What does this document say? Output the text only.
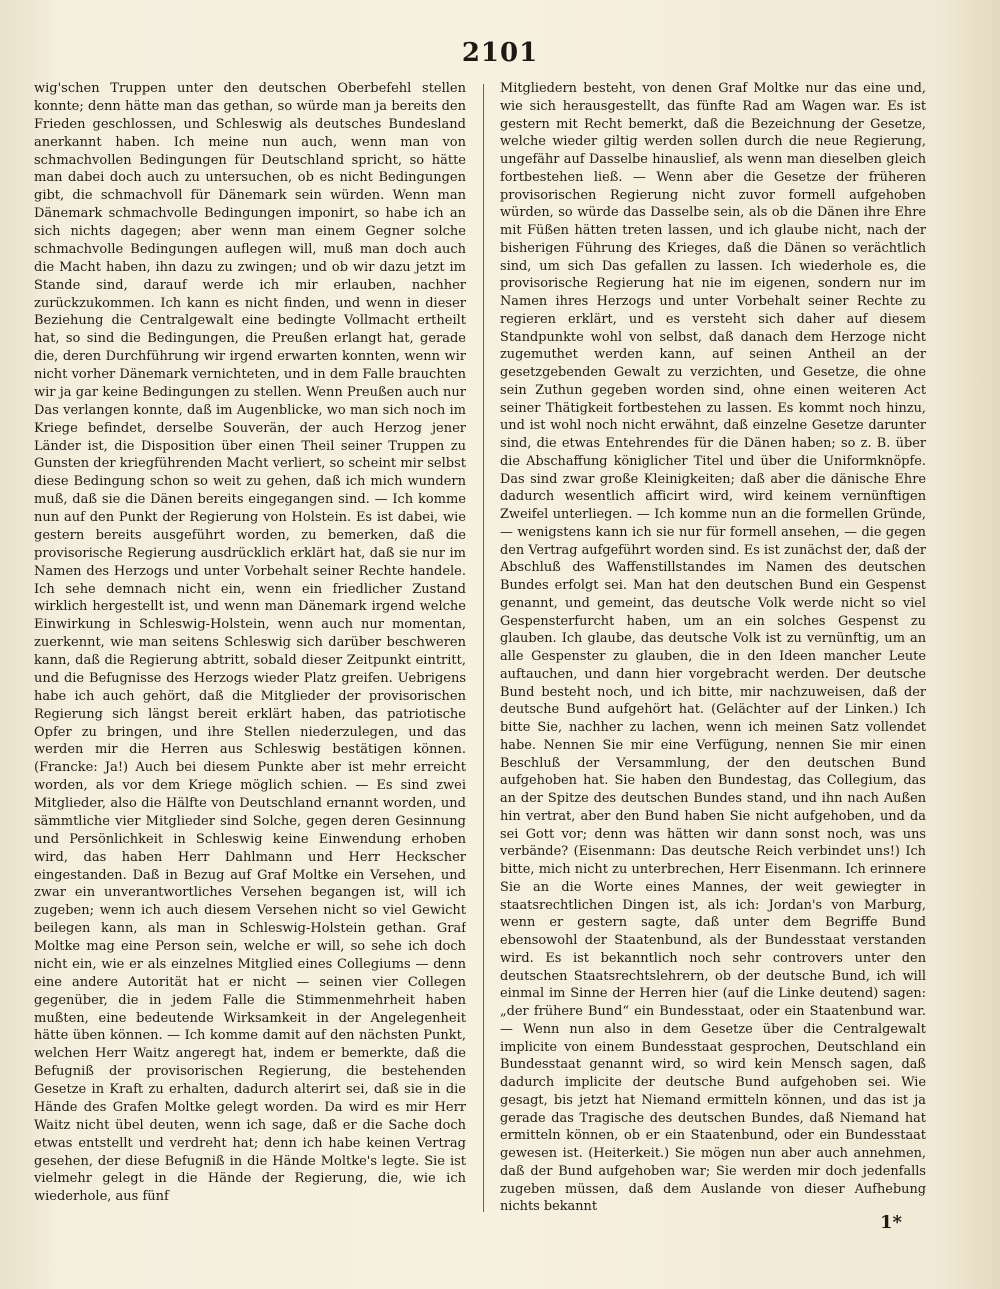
2101

wig'schen Truppen unter den deutschen Oberbefehl stellen konnte; denn hätte man das gethan, so würde man ja bereits den Frieden geschlossen, und Schleswig als deutsches Bundesland anerkannt haben. Ich meine nun auch, wenn man von schmachvollen Bedingungen für Deutschland spricht, so hätte man dabei doch auch zu untersuchen, ob es nicht Bedingungen gibt, die schmachvoll für Dänemark sein würden. Wenn man Dänemark schmachvolle Bedingungen imponirt, so habe ich an sich nichts dagegen; aber wenn man einem Gegner solche schmachvolle Bedingungen auflegen will, muß man doch auch die Macht haben, ihn dazu zu zwingen; und ob wir dazu jetzt im Stande sind, darauf werde ich mir erlauben, nachher zurückzukommen. Ich kann es nicht finden, und wenn in dieser Beziehung die Centralgewalt eine bedingte Vollmacht ertheilt hat, so sind die Bedingungen, die Preußen erlangt hat, gerade die, deren Durchführung wir irgend erwarten konnten, wenn wir nicht vorher Dänemark vernichteten, und in dem Falle brauchten wir ja gar keine Bedingungen zu stellen. Wenn Preußen auch nur Das verlangen konnte, daß im Augenblicke, wo man sich noch im Kriege befindet, derselbe Souverän, der auch Herzog jener Länder ist, die Disposition über einen Theil seiner Truppen zu Gunsten der kriegführenden Macht verliert, so scheint mir selbst diese Bedingung schon so weit zu gehen, daß ich mich wundern muß, daß sie die Dänen bereits eingegangen sind. — Ich komme nun auf den Punkt der Regierung von Holstein. Es ist dabei, wie gestern bereits ausgeführt worden, zu bemerken, daß die provisorische Regierung ausdrücklich erklärt hat, daß sie nur im Namen des Herzogs und unter Vorbehalt seiner Rechte handele. Ich sehe demnach nicht ein, wenn ein friedlicher Zustand wirklich hergestellt ist, und wenn man Dänemark irgend welche Einwirkung in Schleswig-Holstein, wenn auch nur momentan, zuerkennt, wie man seitens Schleswig sich darüber beschweren kann, daß die Regierung abtritt, sobald dieser Zeitpunkt eintritt, und die Befugnisse des Herzogs wieder Platz greifen. Uebrigens habe ich auch gehört, daß die Mitglieder der provisorischen Regierung sich längst bereit erklärt haben, das patriotische Opfer zu bringen, und ihre Stellen niederzulegen, und das werden mir die Herren aus Schleswig bestätigen können. (Francke: Ja!) Auch bei diesem Punkte aber ist mehr erreicht worden, als vor dem Kriege möglich schien. — Es sind zwei Mitglieder, also die Hälfte von Deutschland ernannt worden, und sämmtliche vier Mitglieder sind Solche, gegen deren Gesinnung und Persönlichkeit in Schleswig keine Einwendung erhoben wird, das haben Herr Dahlmann und Herr Heckscher eingestanden. Daß in Bezug auf Graf Moltke ein Versehen, und zwar ein unverantwortliches Versehen begangen ist, will ich zugeben; wenn ich auch diesem Versehen nicht so viel Gewicht beilegen kann, als man in Schleswig-Holstein gethan. Graf Moltke mag eine Person sein, welche er will, so sehe ich doch nicht ein, wie er als einzelnes Mitglied eines Collegiums — denn eine andere Autorität hat er nicht — seinen vier Collegen gegenüber, die in jedem Falle die Stimmenmehrheit haben mußten, eine bedeutende Wirksamkeit in der Angelegenheit hätte üben können. — Ich komme damit auf den nächsten Punkt, welchen Herr Waitz angeregt hat, indem er bemerkte, daß die Befugniß der provisorischen Regierung, die bestehenden Gesetze in Kraft zu erhalten, dadurch alterirt sei, daß sie in die Hände des Grafen Moltke gelegt worden. Da wird es mir Herr Waitz nicht übel deuten, wenn ich sage, daß er die Sache doch etwas entstellt und verdreht hat; denn ich habe keinen Vertrag gesehen, der diese Befugniß in die Hände Moltke's legte. Sie ist vielmehr gelegt in die Hände der Regierung, die, wie ich wiederhole, aus fünf

Mitgliedern besteht, von denen Graf Moltke nur das eine und, wie sich herausgestellt, das fünfte Rad am Wagen war. Es ist gestern mit Recht bemerkt, daß die Bezeichnung der Gesetze, welche wieder giltig werden sollen durch die neue Regierung, ungefähr auf Dasselbe hinauslief, als wenn man dieselben gleich fortbestehen ließ. — Wenn aber die Gesetze der früheren provisorischen Regierung nicht zuvor formell aufgehoben würden, so würde das Dasselbe sein, als ob die Dänen ihre Ehre mit Füßen hätten treten lassen, und ich glaube nicht, nach der bisherigen Führung des Krieges, daß die Dänen so verächtlich sind, um sich Das gefallen zu lassen. Ich wiederhole es, die provisorische Regierung hat nie im eigenen, sondern nur im Namen ihres Herzogs und unter Vorbehalt seiner Rechte zu regieren erklärt, und es versteht sich daher auf diesem Standpunkte wohl von selbst, daß danach dem Herzoge nicht zugemuthet werden kann, auf seinen Antheil an der gesetzgebenden Gewalt zu verzichten, und Gesetze, die ohne sein Zuthun gegeben worden sind, ohne einen weiteren Act seiner Thätigkeit fortbestehen zu lassen. Es kommt noch hinzu, und ist wohl noch nicht erwähnt, daß einzelne Gesetze darunter sind, die etwas Entehrendes für die Dänen haben; so z. B. über die Abschaffung königlicher Titel und über die Uniformknöpfe. Das sind zwar große Kleinigkeiten; daß aber die dänische Ehre dadurch wesentlich afficirt wird, wird keinem vernünftigen Zweifel unterliegen. — Ich komme nun an die formellen Gründe, — wenigstens kann ich sie nur für formell ansehen, — die gegen den Vertrag aufgeführt worden sind. Es ist zunächst der, daß der Abschluß des Waffenstillstandes im Namen des deutschen Bundes erfolgt sei. Man hat den deutschen Bund ein Gespenst genannt, und gemeint, das deutsche Volk werde nicht so viel Gespensterfurcht haben, um an ein solches Gespenst zu glauben. Ich glaube, das deutsche Volk ist zu vernünftig, um an alle Gespenster zu glauben, die in den Ideen mancher Leute auftauchen, und dann hier vorgebracht werden. Der deutsche Bund besteht noch, und ich bitte, mir nachzuweisen, daß der deutsche Bund aufgehört hat. (Gelächter auf der Linken.) Ich bitte Sie, nachher zu lachen, wenn ich meinen Satz vollendet habe. Nennen Sie mir eine Verfügung, nennen Sie mir einen Beschluß der Versammlung, der den deutschen Bund aufgehoben hat. Sie haben den Bundestag, das Collegium, das an der Spitze des deutschen Bundes stand, und ihn nach Außen hin vertrat, aber den Bund haben Sie nicht aufgehoben, und da sei Gott vor; denn was hätten wir dann sonst noch, was uns verbände? (Eisenmann: Das deutsche Reich verbindet uns!) Ich bitte, mich nicht zu unterbrechen, Herr Eisenmann. Ich erinnere Sie an die Worte eines Mannes, der weit gewiegter in staatsrechtlichen Dingen ist, als ich: Jordan's von Marburg, wenn er gestern sagte, daß unter dem Begriffe Bund ebensowohl der Staatenbund, als der Bundesstaat verstanden wird. Es ist bekanntlich noch sehr controvers unter den deutschen Staatsrechtslehrern, ob der deutsche Bund, ich will einmal im Sinne der Herren hier (auf die Linke deutend) sagen: „der frühere Bund“ ein Bundesstaat, oder ein Staatenbund war. — Wenn nun also in dem Gesetze über die Centralgewalt implicite von einem Bundesstaat gesprochen, Deutschland ein Bundesstaat genannt wird, so wird kein Mensch sagen, daß dadurch implicite der deutsche Bund aufgehoben sei. Wie gesagt, bis jetzt hat Niemand ermitteln können, und das ist ja gerade das Tragische des deutschen Bundes, daß Niemand hat ermitteln können, ob er ein Staatenbund, oder ein Bundesstaat gewesen ist. (Heiterkeit.) Sie mögen nun aber auch annehmen, daß der Bund aufgehoben war; Sie werden mir doch jedenfalls zugeben müssen, daß dem Auslande von dieser Aufhebung nichts bekannt

1*
